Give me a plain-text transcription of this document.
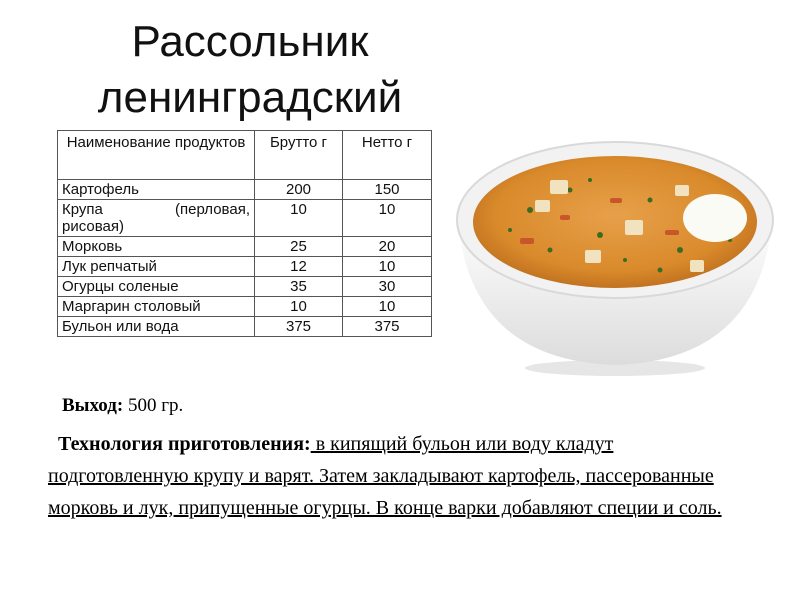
Рассольник
ленинградский
Наименование продуктов	Брутто г	Нетто г
Картофель	200	150

Крупа (перловая,
рисовая)	10	10
Морковь	25	20
Лук репчатый	12	10
Огурцы соленые	35	30
Маргарин столовый	10	10
Бульон или вода	375	375
Выход: 500 гр.
Технология приготовления: в кипящий бульон или воду кладут подготовленную крупу и варят. Затем закладывают картофель, пассерованные морковь и лук, припущенные огурцы. В конце варки добавляют специи и соль.
